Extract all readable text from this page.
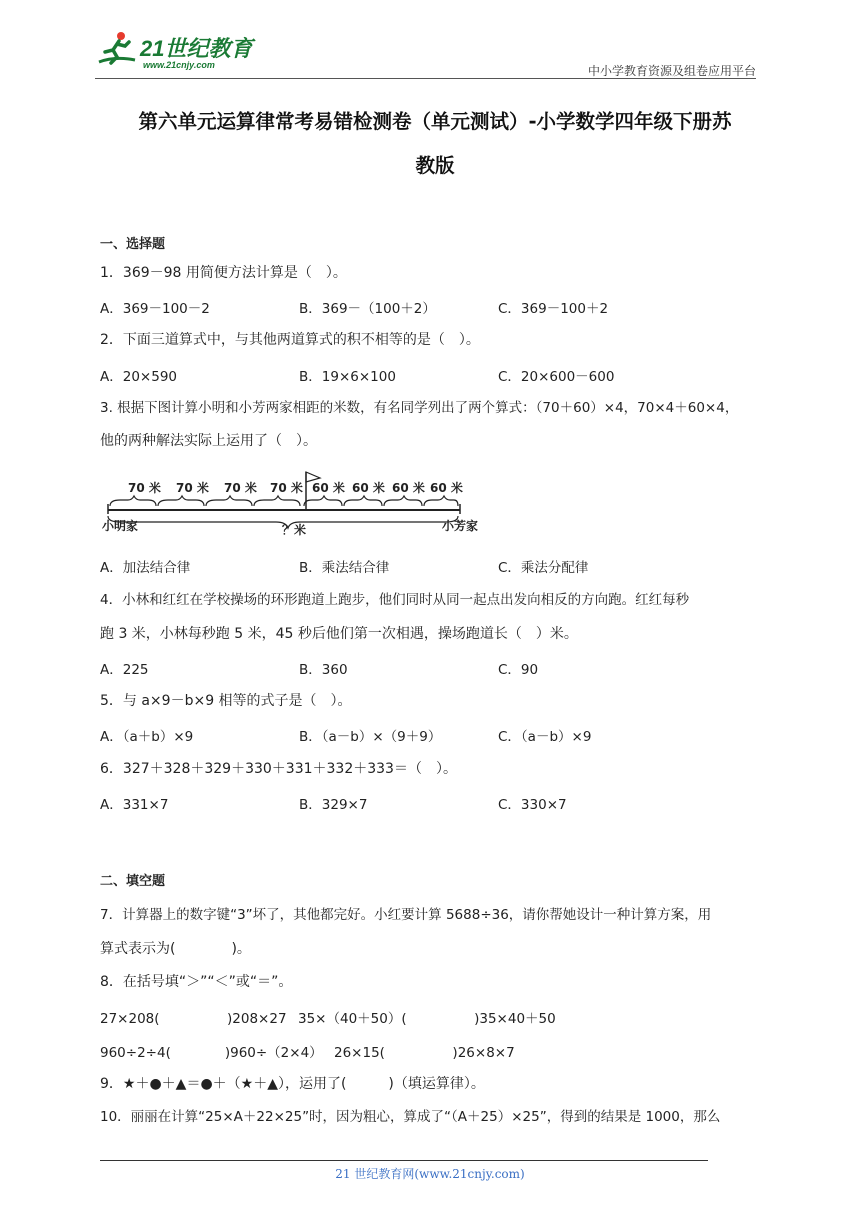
21世纪教育
www.21cnjy.com	中小学教育资源及组卷应用平台
第六单元运算律常考易错检测卷（单元测试）-小学数学四年级下册苏
教版
一、选择题
1．369－98 用简便方法计算是（　）。
A．369－100－2	B．369－（100＋2）	C．369－100＋2
2．下面三道算式中，与其他两道算式的积不相等的是（　）。
A．20×590	B．19×6×100	C．20×600－600
3. 根据下图计算小明和小芳两家相距的米数，有名同学列出了两个算式：（70＋60）×4，70×4＋60×4，
他的两种解法实际上运用了（　）。
70 米 70 米 70 米 70 米 60 米 60 米 60 米 60 米
小明家	？米	小芳家
A．加法结合律	B．乘法结合律	C．乘法分配律
4．小林和红红在学校操场的环形跑道上跑步，他们同时从同一起点出发向相反的方向跑。红红每秒
跑 3 米，小林每秒跑 5 米，45 秒后他们第一次相遇，操场跑道长（　）米。
A．225	B．360	C．90
5．与 a×9－b×9 相等的式子是（　）。
A．（a＋b）×9	B．（a－b）×（9＋9）	C．（a－b）×9
6．327＋328＋329＋330＋331＋332＋333＝（　）。
A．331×7	B．329×7	C．330×7
二、填空题
7．计算器上的数字键“3”坏了，其他都完好。小红要计算 5688÷36，请你帮她设计一种计算方案，用
算式表示为(　　　　)。
8．在括号填“＞”“＜”或“＝”。
27×208(　　　　　)208×27 35×（40＋50）(　　　　　)35×40＋50
960÷2÷4(　　　　)960÷（2×4） 26×15(　　　　　)26×8×7
9．★＋●＋▲＝●＋（★＋▲），运用了(　　　)（填运算律）。
10．丽丽在计算“25×A＋22×25”时，因为粗心，算成了“（A＋25）×25”，得到的结果是 1000，那么
21 世纪教育网(www.21cnjy.com)
